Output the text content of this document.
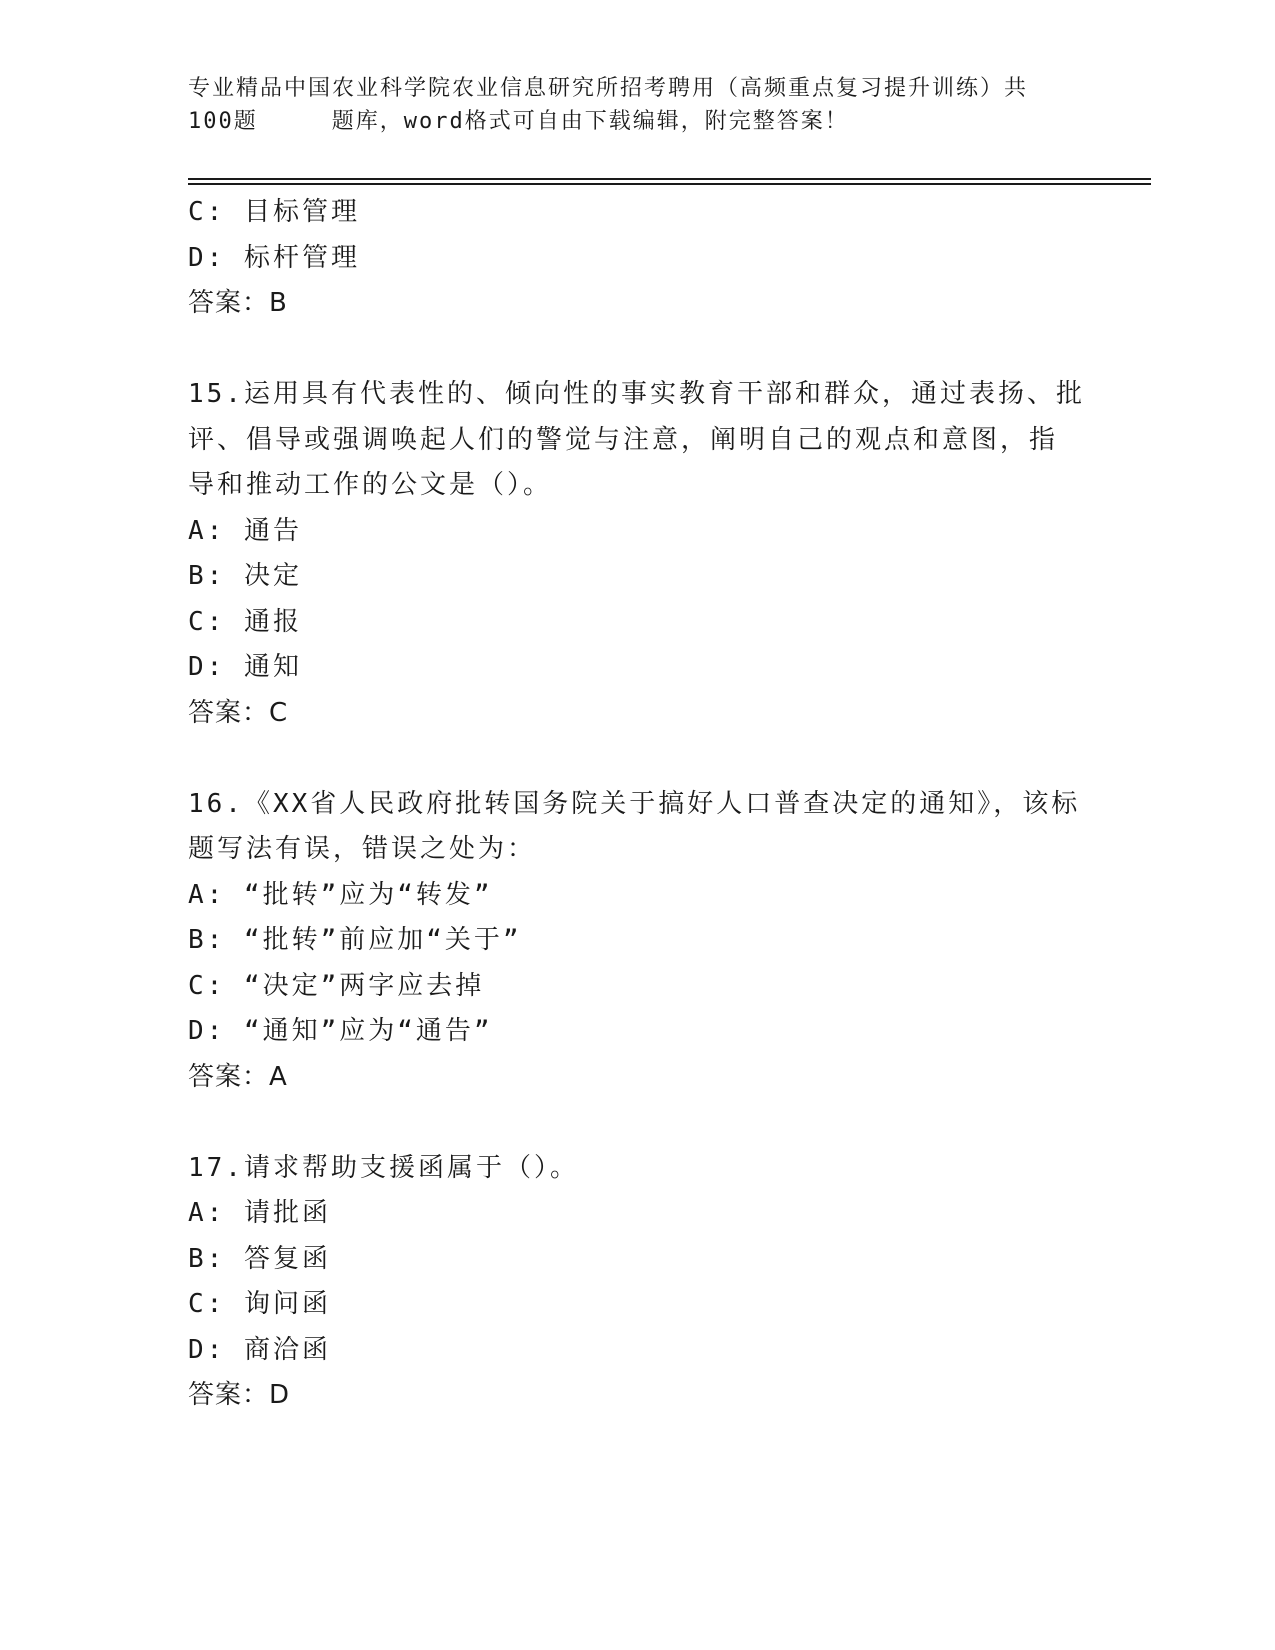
专业精品中国农业科学院农业信息研究所招考聘用（高频重点复习提升训练）共
100题	题库，word格式可自由下载编辑，附完整答案！
C: 目标管理
D: 标杆管理
答案：B
15.运用具有代表性的、倾向性的事实教育干部和群众，通过表扬、批
评、倡导或强调唤起人们的警觉与注意，阐明自己的观点和意图，指
导和推动工作的公文是（）。
A: 通告
B: 决定
C: 通报
D: 通知
答案：C
16.《XX省人民政府批转国务院关于搞好人口普查决定的通知》，该标
题写法有误，错误之处为：
A: “批转”应为“转发”
B: “批转”前应加“关于”
C: “决定”两字应去掉
D: “通知”应为“通告”
答案：A
17.请求帮助支援函属于（）。
A: 请批函
B: 答复函
C: 询问函
D: 商洽函
答案：D
